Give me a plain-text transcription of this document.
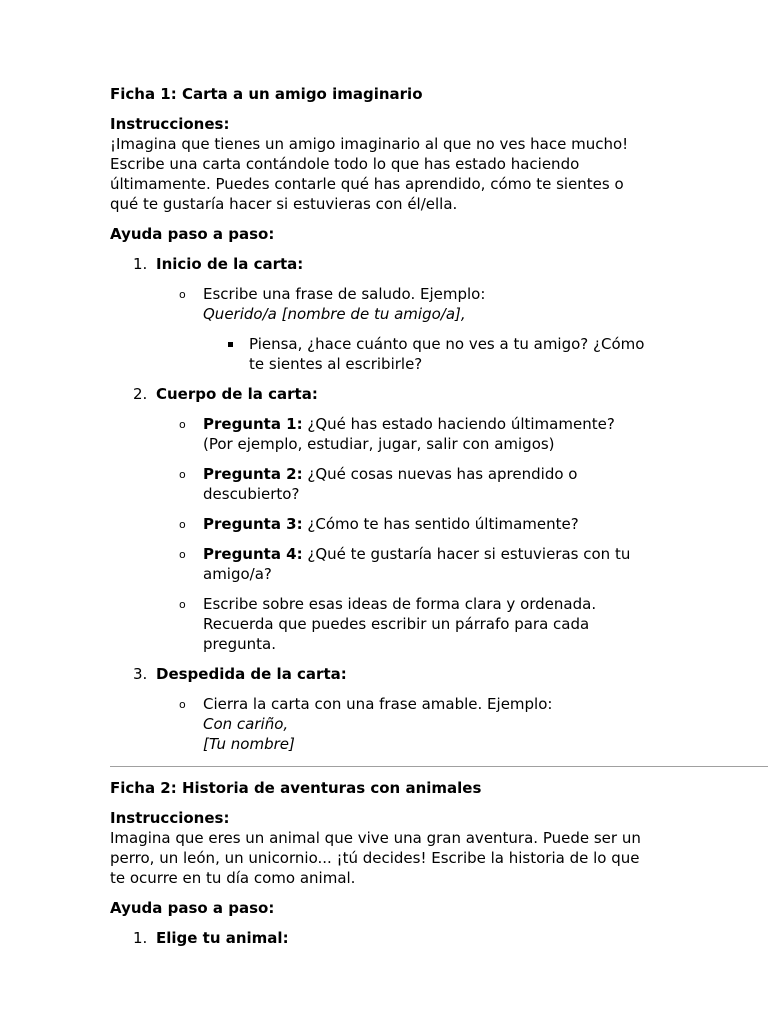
Ficha 1: Carta a un amigo imaginario

Instrucciones:

¡Imagina que tienes un amigo imaginario al que no ves hace mucho!

Escribe una carta contándole todo lo que has estado haciendo

últimamente. Puedes contarle qué has aprendido, cómo te sientes o

qué te gustaría hacer si estuvieras con él/ella.

Ayuda paso a paso:

1. Inicio de la carta:
o Escribe una frase de saludo. Ejemplo:

Querido/a [nombre de tu amigo/a],

Piensa, ¿hace cuánto que no ves a tu amigo? ¿Cómo

te sientes al escribirle?

2. Cuerpo de la carta:
o Pregunta 1: ¿Qué has estado haciendo últimamente?

(Por ejemplo, estudiar, jugar, salir con amigos)

o Pregunta 2: ¿Qué cosas nuevas has aprendido o

descubierto?

o Pregunta 3: ¿Cómo te has sentido últimamente?

o Pregunta 4: ¿Qué te gustaría hacer si estuvieras con tu

amigo/a?

o Escribe sobre esas ideas de forma clara y ordenada.

Recuerda que puedes escribir un párrafo para cada

pregunta.

3. Despedida de la carta:
o Cierra la carta con una frase amable. Ejemplo:

Con cariño,

[Tu nombre]

Ficha 2: Historia de aventuras con animales

Instrucciones:

Imagina que eres un animal que vive una gran aventura. Puede ser un

perro, un león, un unicornio... ¡tú decides! Escribe la historia de lo que

te ocurre en tu día como animal.

Ayuda paso a paso:

1. Elige tu animal:
